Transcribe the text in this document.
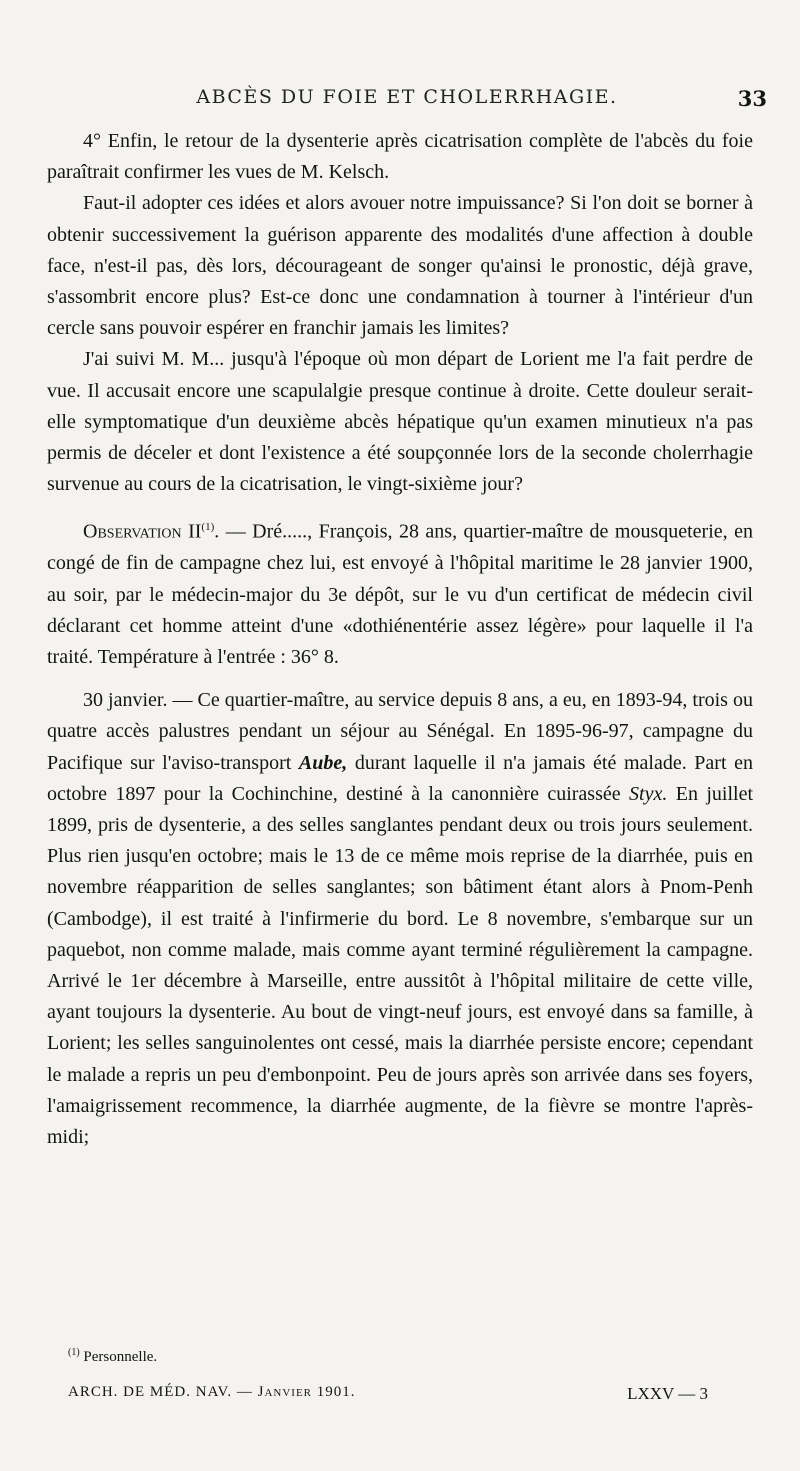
ABCÈS DU FOIE ET CHOLERRHAGIE.	33

4° Enfin, le retour de la dysenterie après cicatrisation complète de l'abcès du foie paraîtrait confirmer les vues de M. Kelsch.

Faut-il adopter ces idées et alors avouer notre impuissance? Si l'on doit se borner à obtenir successivement la guérison apparente des modalités d'une affection à double face, n'est-il pas, dès lors, décourageant de songer qu'ainsi le pronostic, déjà grave, s'assombrit encore plus? Est-ce donc une condamnation à tourner à l'intérieur d'un cercle sans pouvoir espérer en franchir jamais les limites?

J'ai suivi M. M... jusqu'à l'époque où mon départ de Lorient me l'a fait perdre de vue. Il accusait encore une scapulalgie presque continue à droite. Cette douleur serait-elle symptomatique d'un deuxième abcès hépatique qu'un examen minutieux n'a pas permis de déceler et dont l'existence a été soupçonnée lors de la seconde cholerrhagie survenue au cours de la cicatrisation, le vingt-sixième jour?

Observation II$^{(1)}$. — Dré....., François, 28 ans, quartier-maître de mousqueterie, en congé de fin de campagne chez lui, est envoyé à l'hôpital maritime le 28 janvier 1900, au soir, par le médecin-major du 3e dépôt, sur le vu d'un certificat de médecin civil déclarant cet homme atteint d'une «dothiénentérie assez légère» pour laquelle il l'a traité. Température à l'entrée : 36° 8.

30 janvier. — Ce quartier-maître, au service depuis 8 ans, a eu, en 1893-94, trois ou quatre accès palustres pendant un séjour au Sénégal. En 1895-96-97, campagne du Pacifique sur l'aviso-transport Aube, durant laquelle il n'a jamais été malade. Part en octobre 1897 pour la Cochinchine, destiné à la canonnière cuirassée Styx. En juillet 1899, pris de dysenterie, a des selles sanglantes pendant deux ou trois jours seulement. Plus rien jusqu'en octobre; mais le 13 de ce même mois reprise de la diarrhée, puis en novembre réapparition de selles sanglantes; son bâtiment étant alors à Pnom-Penh (Cambodge), il est traité à l'infirmerie du bord. Le 8 novembre, s'embarque sur un paquebot, non comme malade, mais comme ayant terminé régulièrement la campagne. Arrivé le 1er décembre à Marseille, entre aussitôt à l'hôpital militaire de cette ville, ayant toujours la dysenterie. Au bout de vingt-neuf jours, est envoyé dans sa famille, à Lorient; les selles sanguinolentes ont cessé, mais la diarrhée persiste encore; cependant le malade a repris un peu d'embonpoint. Peu de jours après son arrivée dans ses foyers, l'amaigrissement recommence, la diarrhée augmente, de la fièvre se montre l'après-midi;

$^{(1)}$ Personnelle.
ARCH. DE MÉD. NAV. — Janvier 1901.	LXXV — 3
